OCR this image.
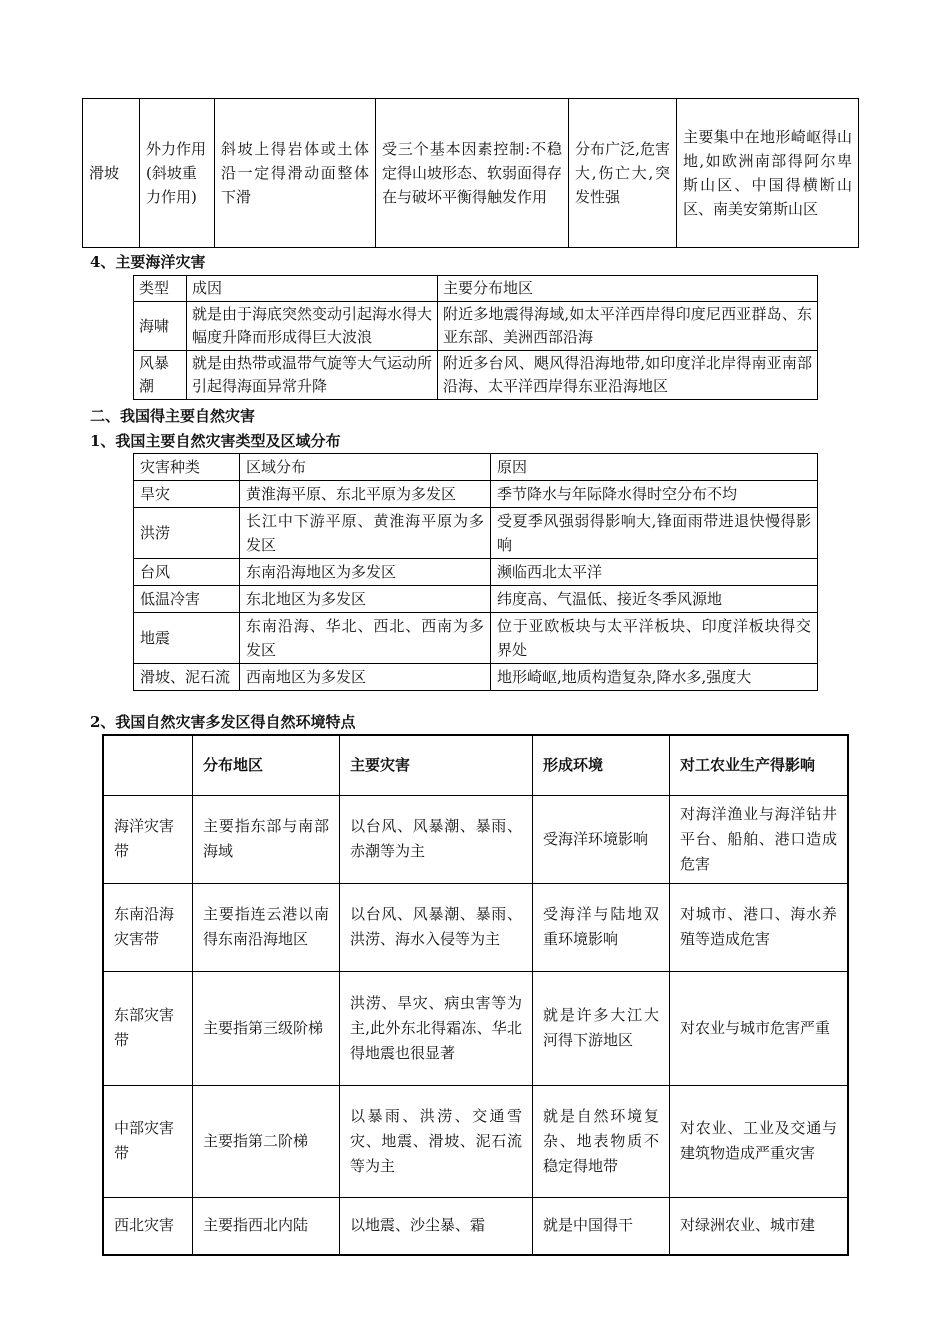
滑坡	外力作用(斜坡重力作用)	斜坡上得岩体或土体沿一定得滑动面整体下滑	受三个基本因素控制:不稳定得山坡形态、软弱面得存在与破坏平衡得触发作用	分布广泛,危害大,伤亡大,突发性强	主要集中在地形崎岖得山地,如欧洲南部得阿尔卑斯山区、中国得横断山区、南美安第斯山区
4、主要海洋灾害
类型	成因	主要分布地区
海啸	就是由于海底突然变动引起海水得大幅度升降而形成得巨大波浪	附近多地震得海域,如太平洋西岸得印度尼西亚群岛、东亚东部、美洲西部沿海
风暴潮	就是由热带或温带气旋等大气运动所引起得海面异常升降	附近多台风、飓风得沿海地带,如印度洋北岸得南亚南部沿海、太平洋西岸得东亚沿海地区
二、我国得主要自然灾害
1、我国主要自然灾害类型及区域分布
灾害种类	区域分布	原因
旱灾	黄淮海平原、东北平原为多发区	季节降水与年际降水得时空分布不均
洪涝	长江中下游平原、黄淮海平原为多发区	受夏季风强弱得影响大,锋面雨带进退快慢得影响
台风	东南沿海地区为多发区	濒临西北太平洋
低温冷害	东北地区为多发区	纬度高、气温低、接近冬季风源地
地震	东南沿海、华北、西北、西南为多发区	位于亚欧板块与太平洋板块、印度洋板块得交界处
滑坡、泥石流	西南地区为多发区	地形崎岖,地质构造复杂,降水多,强度大
2、我国自然灾害多发区得自然环境特点
	分布地区	主要灾害	形成环境	对工农业生产得影响
海洋灾害带	主要指东部与南部海域	以台风、风暴潮、暴雨、赤潮等为主	受海洋环境影响	对海洋渔业与海洋钻井平台、船舶、港口造成危害
东南沿海灾害带	主要指连云港以南得东南沿海地区	以台风、风暴潮、暴雨、洪涝、海水入侵等为主	受海洋与陆地双重环境影响	对城市、港口、海水养殖等造成危害
东部灾害带	主要指第三级阶梯	洪涝、旱灾、病虫害等为主,此外东北得霜冻、华北得地震也很显著	就是许多大江大河得下游地区	对农业与城市危害严重
中部灾害带	主要指第二阶梯	以暴雨、洪涝、交通雪灾、地震、滑坡、泥石流等为主	就是自然环境复杂、地表物质不稳定得地带	对农业、工业及交通与建筑物造成严重灾害
西北灾害	主要指西北内陆	以地震、沙尘暴、霜	就是中国得干	对绿洲农业、城市建
